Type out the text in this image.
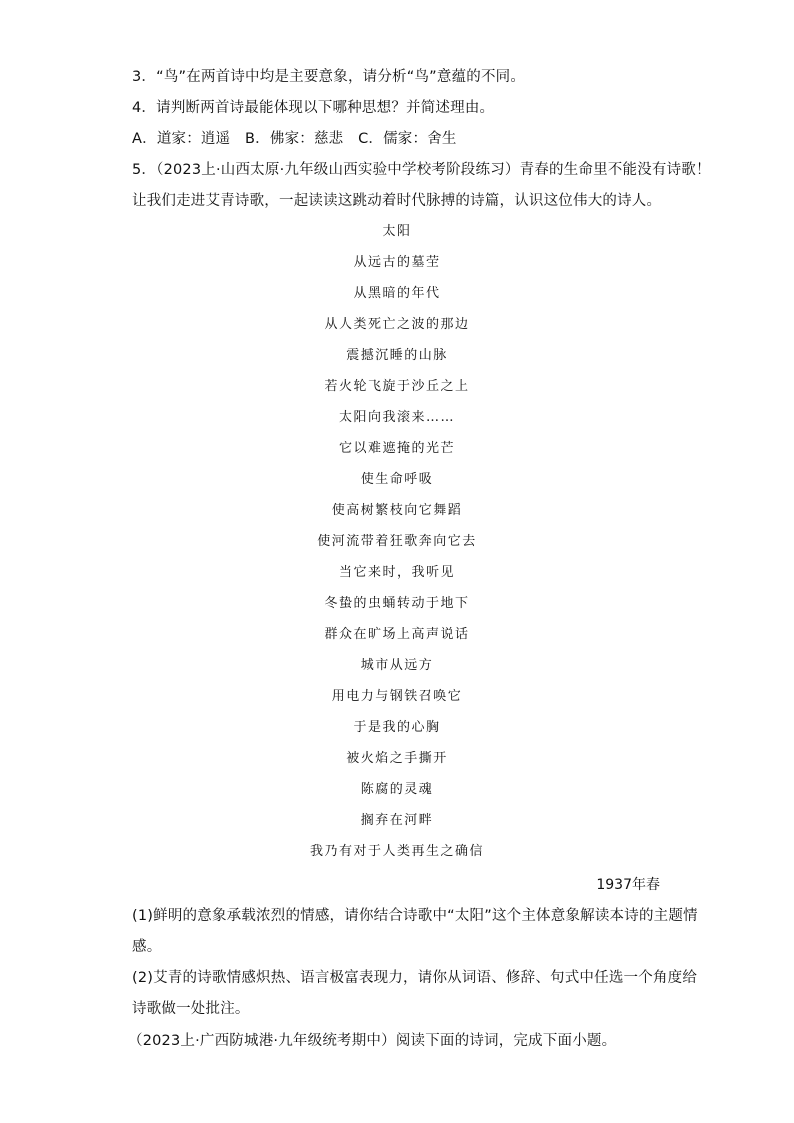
3．“鸟”在两首诗中均是主要意象，请分析“鸟”意蕴的不同。
4．请判断两首诗最能体现以下哪种思想？并简述理由。
A．道家：逍遥　B．佛家：慈悲　C．儒家：舍生
5．（2023上·山西太原·九年级山西实验中学校考阶段练习）青春的生命里不能没有诗歌！
让我们走进艾青诗歌，一起读读这跳动着时代脉搏的诗篇，认识这位伟大的诗人。
太阳
从远古的墓茔
从黑暗的年代
从人类死亡之波的那边
震撼沉睡的山脉
若火轮飞旋于沙丘之上
太阳向我滚来……
它以难遮掩的光芒
使生命呼吸
使高树繁枝向它舞蹈
使河流带着狂歌奔向它去
当它来时，我听见
冬蛰的虫蛹转动于地下
群众在旷场上高声说话
城市从远方
用电力与钢铁召唤它
于是我的心胸
被火焰之手撕开
陈腐的灵魂
搁弃在河畔
我乃有对于人类再生之确信
1937年春
(1)鲜明的意象承载浓烈的情感，请你结合诗歌中“太阳”这个主体意象解读本诗的主题情
感。
(2)艾青的诗歌情感炽热、语言极富表现力，请你从词语、修辞、句式中任选一个角度给
诗歌做一处批注。
（2023上·广西防城港·九年级统考期中）阅读下面的诗词，完成下面小题。
